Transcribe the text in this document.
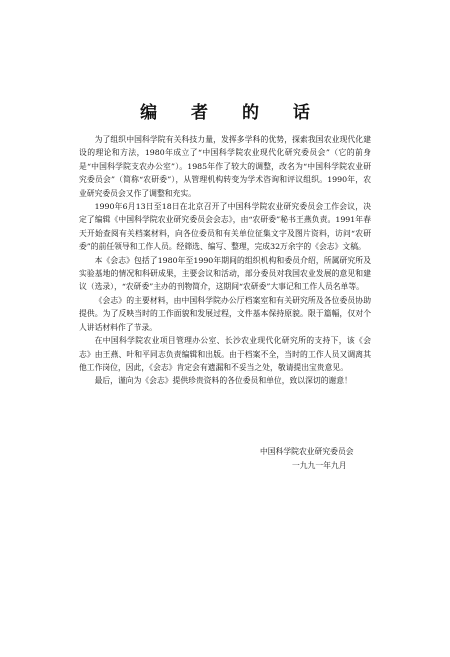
编 者 的 话

为了组织中国科学院有关科技力量，发挥多学科的优势，探索我国农业现代化建设的理论和方法，1980年成立了“中国科学院农业现代化研究委员会”（它的前身是“中国科学院支农办公室”）。1985年作了较大的调整，改名为“中国科学院农业研究委员会”（简称“农研委”），从管理机构转变为学术咨询和评议组织。1990年，农业研究委员会又作了调整和充实。

1990年6月13日至18日在北京召开了中国科学院农业研究委员会工作会议，决定了编辑《中国科学院农业研究委员会会志》，由“农研委”秘书王燕负责。1991年春天开始查阅有关档案材料，向各位委员和有关单位征集文字及图片资料，访问“农研委”的前任领导和工作人员。经筛选、编写、整理，完成32万余字的《会志》文稿。

本《会志》包括了1980年至1990年期间的组织机构和委员介绍，所属研究所及实验基地的情况和科研成果，主要会议和活动，部分委员对我国农业发展的意见和建议（选录），“农研委”主办的刊物简介，这期间“农研委”大事记和工作人员名单等。

《会志》的主要材料，由中国科学院办公厅档案室和有关研究所及各位委员协助提供。为了反映当时的工作面貌和发展过程，文件基本保持原貌。限于篇幅，仅对个人讲话材料作了节录。

在中国科学院农业项目管理办公室、长沙农业现代化研究所的支持下，该《会志》由王燕、叶和平同志负责编辑和出版。由于档案不全，当时的工作人员又调离其他工作岗位，因此，《会志》肯定会有遗漏和不妥当之处，敬请提出宝贵意见。

最后，谨向为《会志》提供珍贵资料的各位委员和单位，致以深切的谢意！

中国科学院农业研究委员会
一九九一年九月
